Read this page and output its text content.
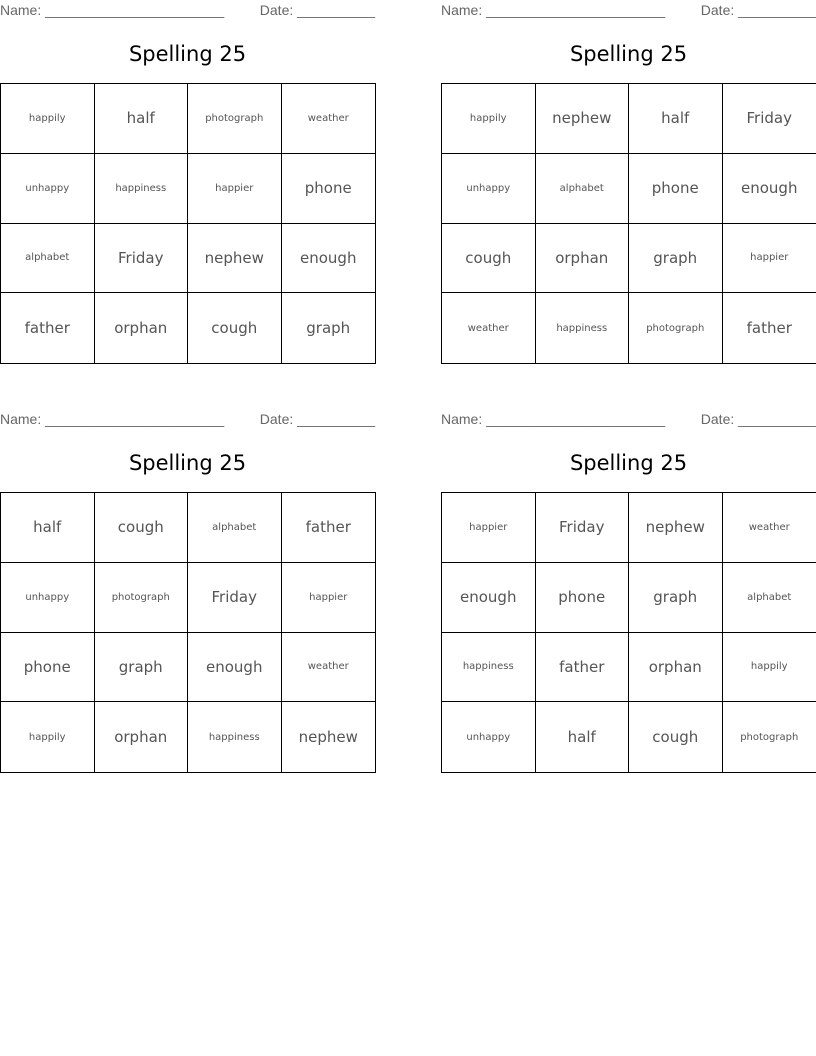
Name: _______________________	Date: __________
Spelling 25
happily	half	photograph	weather
unhappy	happiness	happier	phone
alphabet	Friday	nephew	enough
father	orphan	cough	graph
Name: _______________________	Date: __________
Spelling 25
happily	nephew	half	Friday
unhappy	alphabet	phone	enough
cough	orphan	graph	happier
weather	happiness	photograph	father
Name: _______________________	Date: __________
Spelling 25
half	cough	alphabet	father
unhappy	photograph	Friday	happier
phone	graph	enough	weather
happily	orphan	happiness	nephew
Name: _______________________	Date: __________
Spelling 25
happier	Friday	nephew	weather
enough	phone	graph	alphabet
happiness	father	orphan	happily
unhappy	half	cough	photograph
